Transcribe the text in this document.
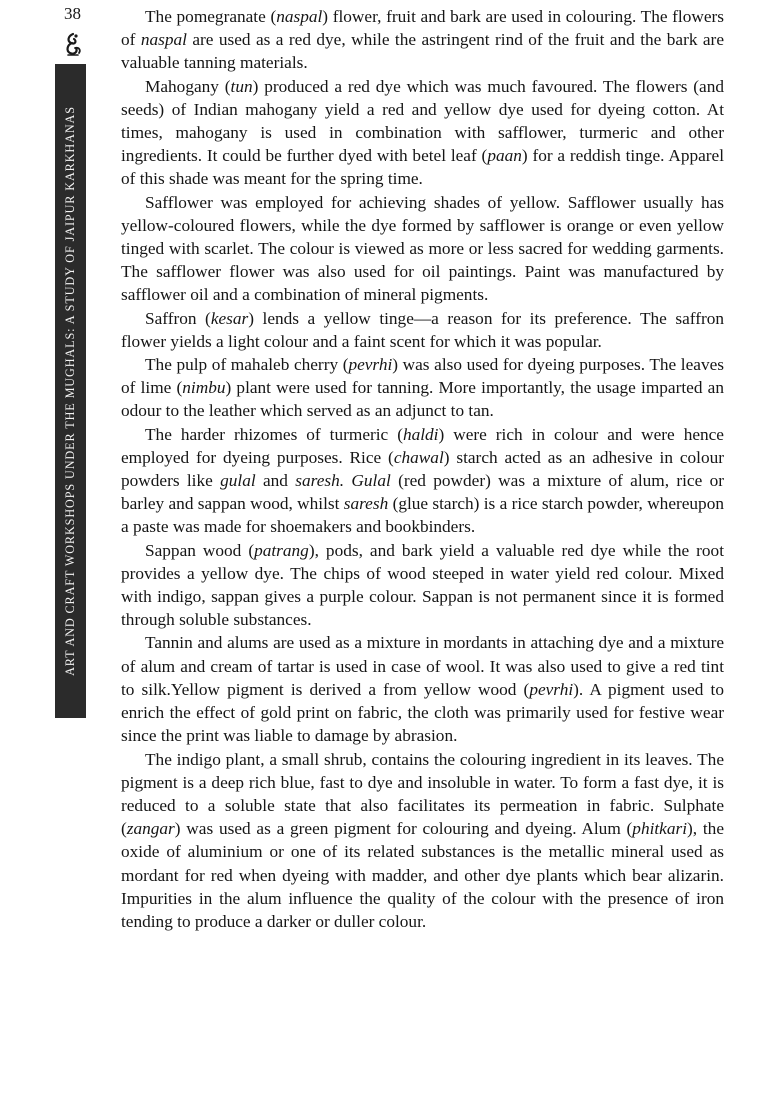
38
ART AND CRAFT WORKSHOPS UNDER THE MUGHALS: A STUDY OF JAIPUR KARKHANAS

The pomegranate (naspal) flower, fruit and bark are used in colouring. The flowers of naspal are used as a red dye, while the astringent rind of the fruit and the bark are valuable tanning materials.

Mahogany (tun) produced a red dye which was much favoured. The flowers (and seeds) of Indian mahogany yield a red and yellow dye used for dyeing cotton. At times, mahogany is used in combination with safflower, turmeric and other ingredients. It could be further dyed with betel leaf (paan) for a reddish tinge. Apparel of this shade was meant for the spring time.

Safflower was employed for achieving shades of yellow. Safflower usually has yellow-coloured flowers, while the dye formed by safflower is orange or even yellow tinged with scarlet. The colour is viewed as more or less sacred for wedding garments. The safflower flower was also used for oil paintings. Paint was manufactured by safflower oil and a combination of mineral pigments.

Saffron (kesar) lends a yellow tinge—a reason for its preference. The saffron flower yields a light colour and a faint scent for which it was popular.

The pulp of mahaleb cherry (pevrhi) was also used for dyeing purposes. The leaves of lime (nimbu) plant were used for tanning. More importantly, the usage imparted an odour to the leather which served as an adjunct to tan.

The harder rhizomes of turmeric (haldi) were rich in colour and were hence employed for dyeing purposes. Rice (chawal) starch acted as an adhesive in colour powders like gulal and saresh. Gulal (red powder) was a mixture of alum, rice or barley and sappan wood, whilst saresh (glue starch) is a rice starch powder, whereupon a paste was made for shoemakers and bookbinders.

Sappan wood (patrang), pods, and bark yield a valuable red dye while the root provides a yellow dye. The chips of wood steeped in water yield red colour. Mixed with indigo, sappan gives a purple colour. Sappan is not permanent since it is formed through soluble substances.

Tannin and alums are used as a mixture in mordants in attaching dye and a mixture of alum and cream of tartar is used in case of wool. It was also used to give a red tint to silk.Yellow pigment is derived a from yellow wood (pevrhi). A pigment used to enrich the effect of gold print on fabric, the cloth was primarily used for festive wear since the print was liable to damage by abrasion.

The indigo plant, a small shrub, contains the colouring ingredient in its leaves. The pigment is a deep rich blue, fast to dye and insoluble in water. To form a fast dye, it is reduced to a soluble state that also facilitates its permeation in fabric. Sulphate (zangar) was used as a green pigment for colouring and dyeing. Alum (phitkari), the oxide of aluminium or one of its related substances is the metallic mineral used as mordant for red when dyeing with madder, and other dye plants which bear alizarin. Impurities in the alum influence the quality of the colour with the presence of iron tending to produce a darker or duller colour.
